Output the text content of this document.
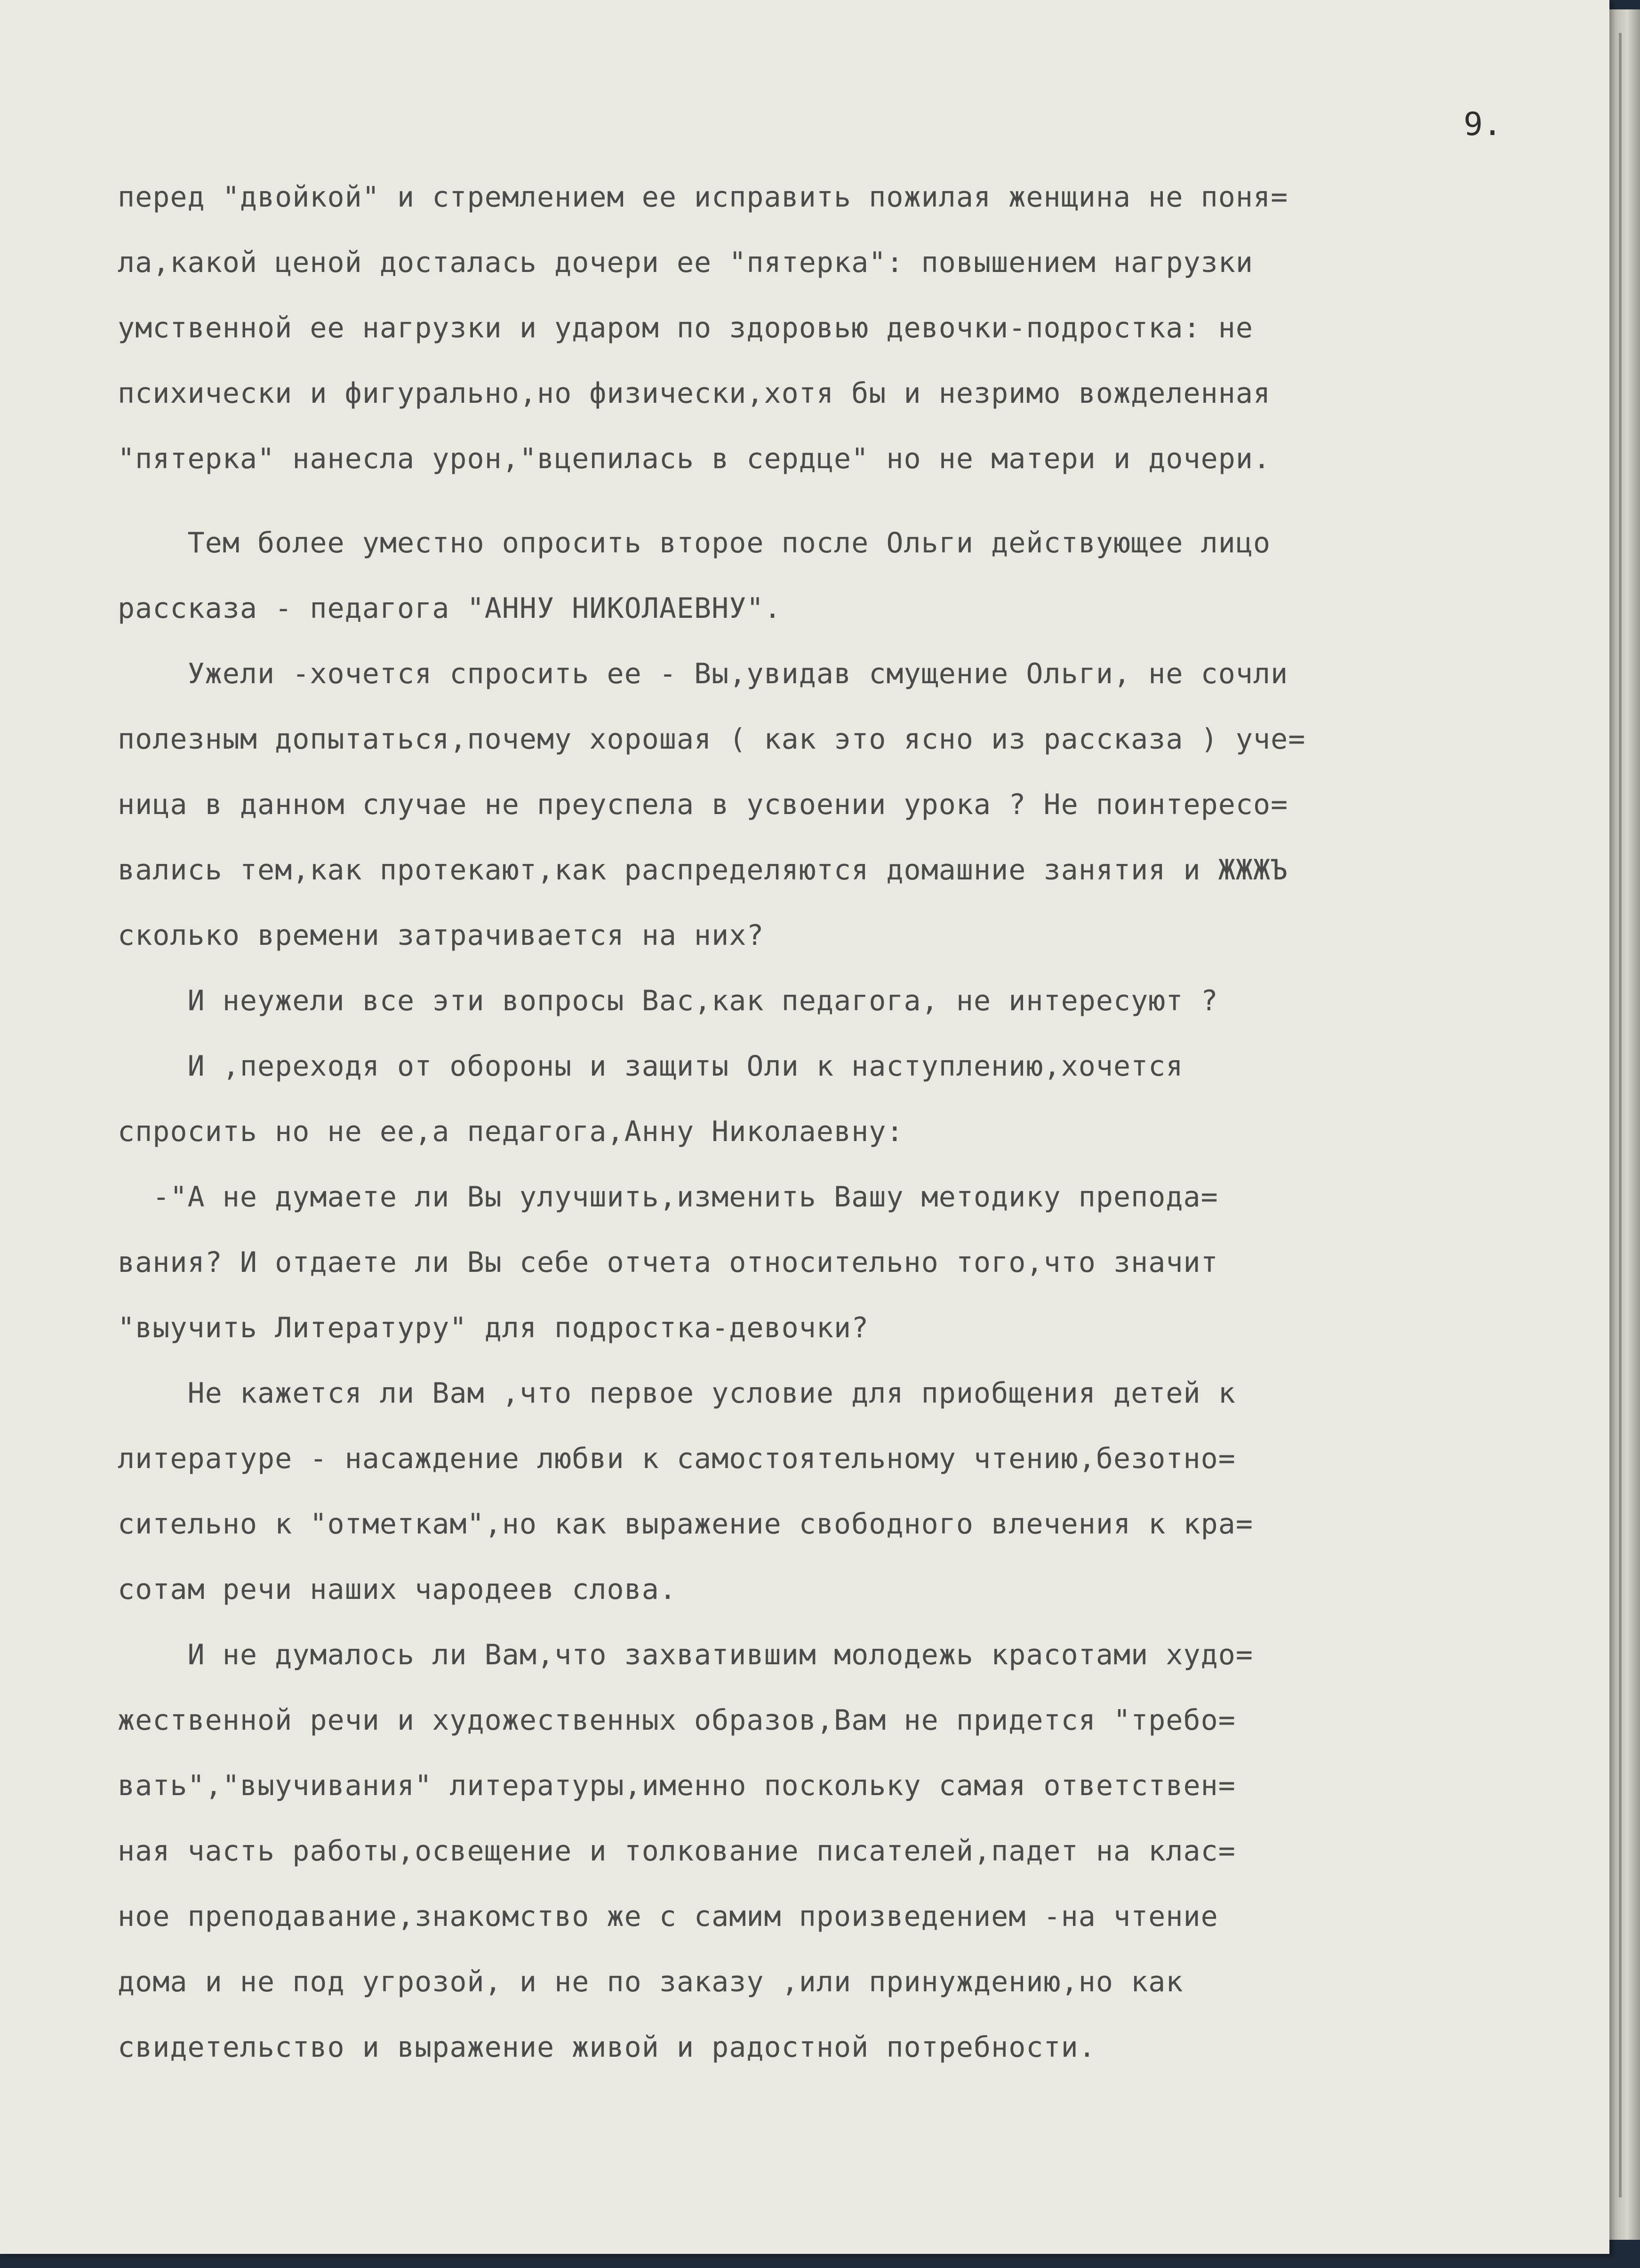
9.
перед "двойкой" и стремлением ее исправить пожилая женщина не поня=
ла,какой ценой досталась дочери ее "пятерка": повышением нагрузки
умственной ее нагрузки и ударом по здоровью девочки-подростка: не
психически и фигурально,но физически,хотя бы и незримо вожделенная
"пятерка" нанесла урон,"вцепилась в сердце" но не матери и дочери.
Тем более уместно опросить второе после Ольги действующее лицо
рассказа - педагога "АННУ НИКОЛАЕВНУ".
Ужели -хочется спросить ее - Вы,увидав смущение Ольги, не сочли
полезным допытаться,почему хорошая ( как это ясно из рассказа ) уче=
ница в данном случае не преуспела в усвоении урока ? Не поинтересо=
вались тем,как протекают,как распределяются домашние занятия и ЖЖЖЪ
сколько времени затрачивается на них?
И неужели все эти вопросы Вас,как педагога, не интересуют ?
И ,переходя от обороны и защиты Оли к наступлению,хочется
спросить но не ее,а педагога,Анну Николаевну:
-"А не думаете ли Вы улучшить,изменить Вашу методику препода=
вания? И отдаете ли Вы себе отчета относительно того,что значит
"выучить Литературу" для подростка-девочки?
Не кажется ли Вам ,что первое условие для приобщения детей к
литературе - насаждение любви к самостоятельному чтению,безотно=
сительно к "отметкам",но как выражение свободного влечения к кра=
сотам речи наших чародеев слова.
И не думалось ли Вам,что захватившим молодежь красотами худо=
жественной речи и художественных образов,Вам не придется "требо=
вать","выучивания" литературы,именно поскольку самая ответствен=
ная часть работы,освещение и толкование писателей,падет на клас=
ное преподавание,знакомство же с самим произведением -на чтение
дома и не под угрозой, и не по заказу ,или принуждению,но как
свидетельство и выражение живой и радостной потребности.
